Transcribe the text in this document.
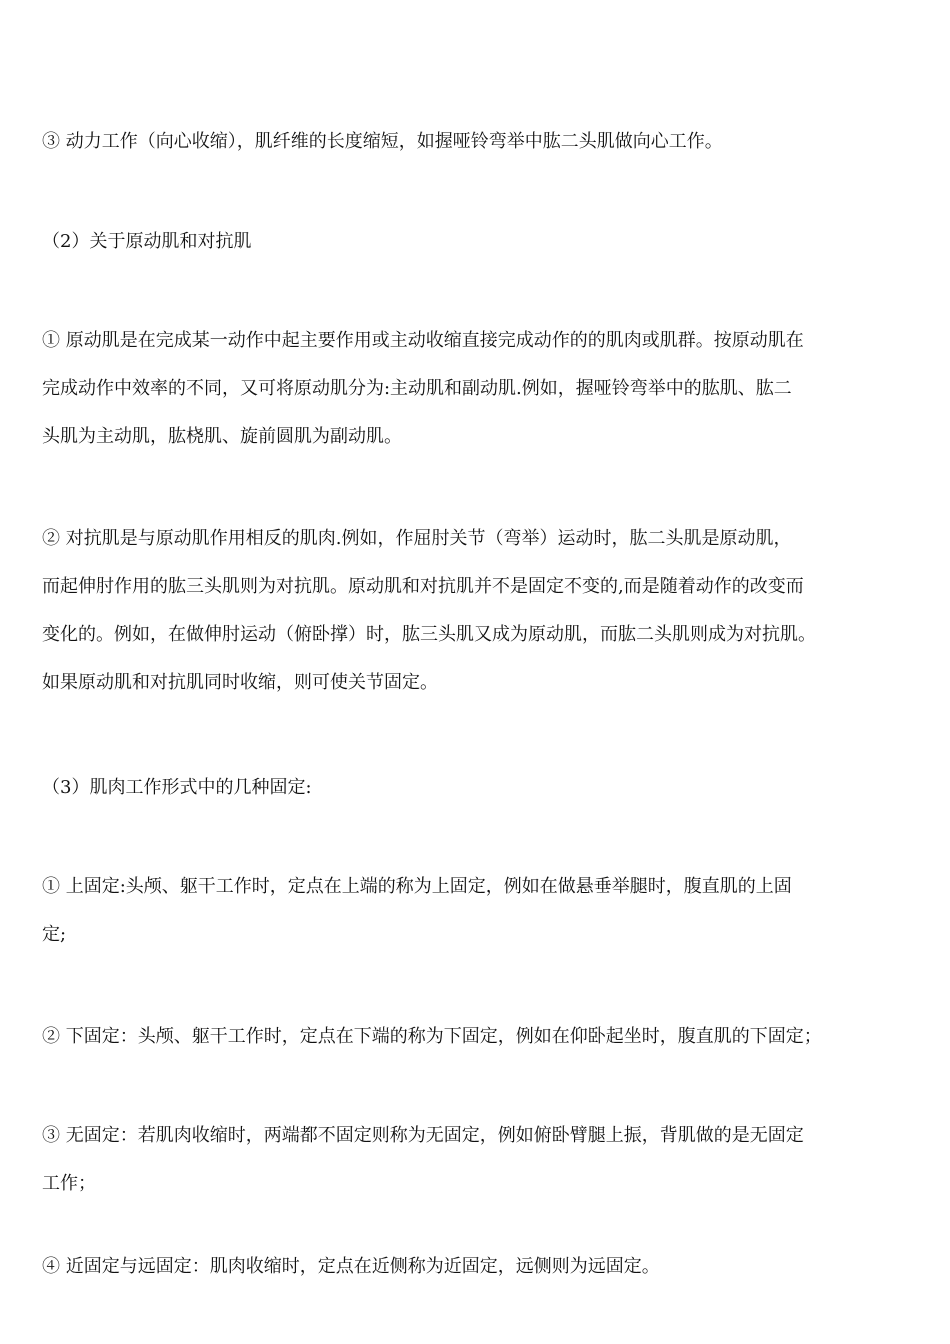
③ 动力工作（向心收缩），肌纤维的长度缩短，如握哑铃弯举中肱二头肌做向心工作。

（2）关于原动肌和对抗肌

① 原动肌是在完成某一动作中起主要作用或主动收缩直接完成动作的的肌肉或肌群。按原动肌在
完成动作中效率的不同，又可将原动肌分为:主动肌和副动肌.例如，握哑铃弯举中的肱肌、肱二
头肌为主动肌，肱桡肌、旋前圆肌为副动肌。

② 对抗肌是与原动肌作用相反的肌肉.例如，作屈肘关节（弯举）运动时，肱二头肌是原动肌，
而起伸肘作用的肱三头肌则为对抗肌。原动肌和对抗肌并不是固定不变的,而是随着动作的改变而
变化的。例如，在做伸肘运动（俯卧撑）时，肱三头肌又成为原动肌，而肱二头肌则成为对抗肌。
如果原动肌和对抗肌同时收缩，则可使关节固定。

（3）肌肉工作形式中的几种固定:

① 上固定:头颅、躯干工作时，定点在上端的称为上固定，例如在做悬垂举腿时，腹直肌的上固
定;

② 下固定：头颅、躯干工作时，定点在下端的称为下固定，例如在仰卧起坐时，腹直肌的下固定；

③ 无固定：若肌肉收缩时，两端都不固定则称为无固定，例如俯卧臂腿上振，背肌做的是无固定
工作；

④ 近固定与远固定：肌肉收缩时，定点在近侧称为近固定，远侧则为远固定。
